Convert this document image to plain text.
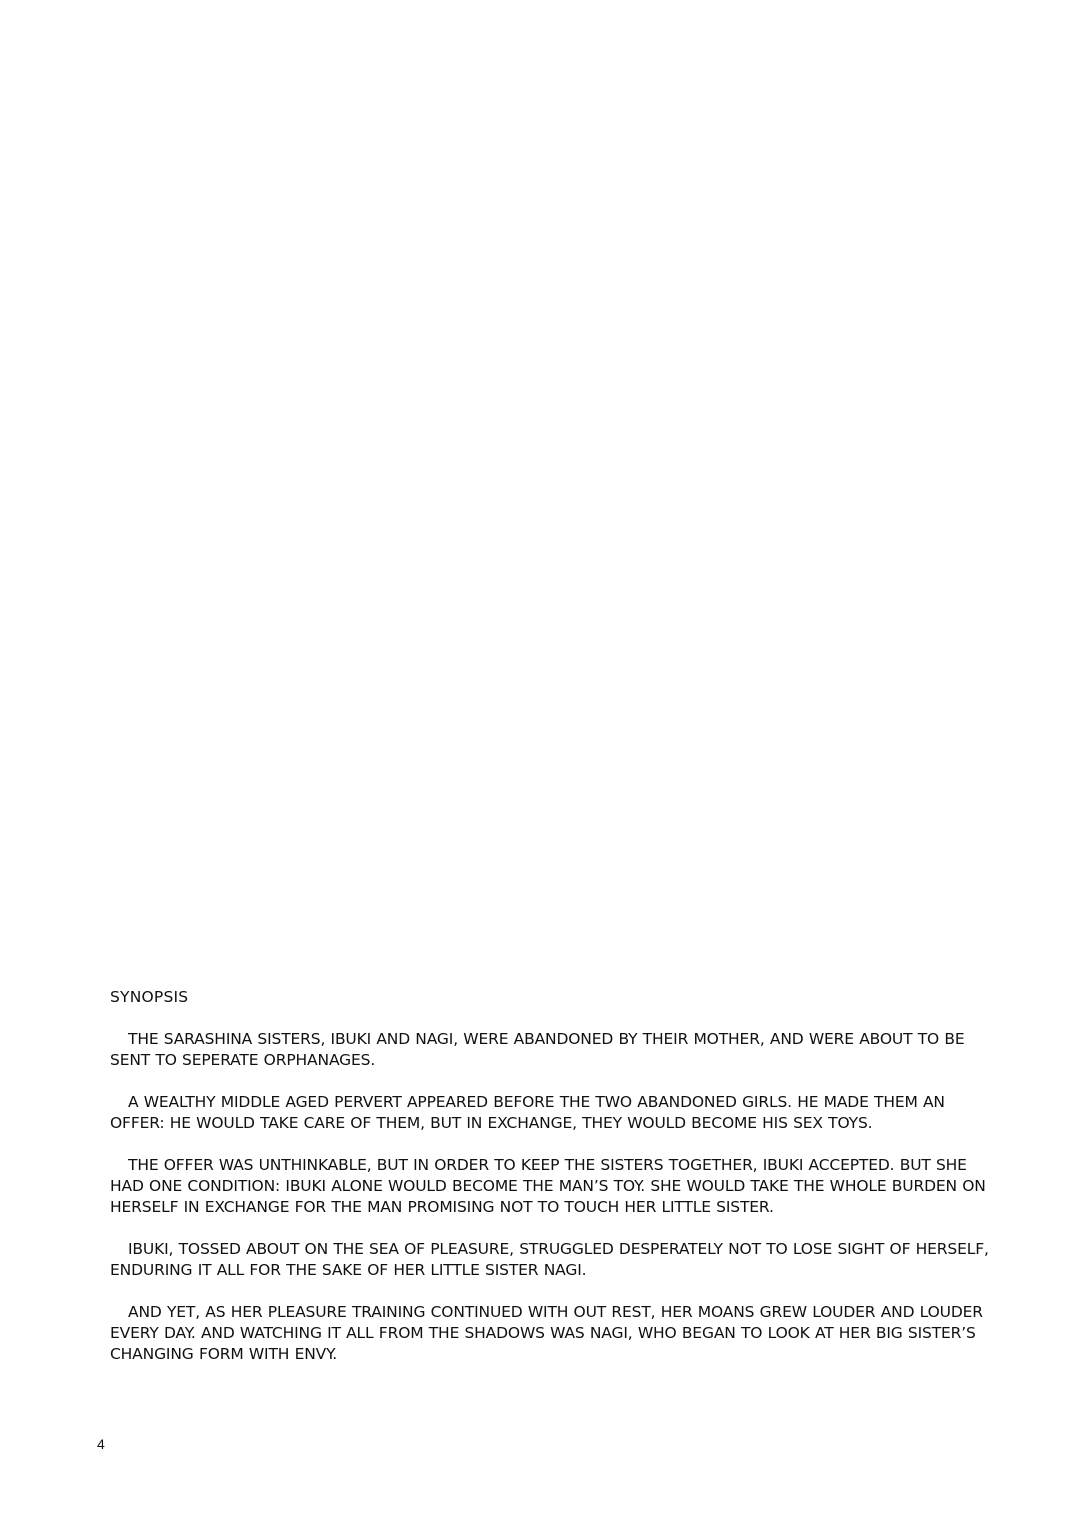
SYNOPSIS

THE SARASHINA SISTERS, IBUKI AND NAGI, WERE ABANDONED BY THEIR MOTHER, AND WERE ABOUT TO BE SENT TO SEPERATE ORPHANAGES.

A WEALTHY MIDDLE AGED PERVERT APPEARED BEFORE THE TWO ABANDONED GIRLS. HE MADE THEM AN OFFER: HE WOULD TAKE CARE OF THEM, BUT IN EXCHANGE, THEY WOULD BECOME HIS SEX TOYS.

THE OFFER WAS UNTHINKABLE, BUT IN ORDER TO KEEP THE SISTERS TOGETHER, IBUKI ACCEPTED. BUT SHE HAD ONE CONDITION: IBUKI ALONE WOULD BECOME THE MAN’S TOY. SHE WOULD TAKE THE WHOLE BURDEN ON HERSELF IN EXCHANGE FOR THE MAN PROMISING NOT TO TOUCH HER LITTLE SISTER.

IBUKI, TOSSED ABOUT ON THE SEA OF PLEASURE, STRUGGLED DESPERATELY NOT TO LOSE SIGHT OF HERSELF, ENDURING IT ALL FOR THE SAKE OF HER LITTLE SISTER NAGI.

AND YET, AS HER PLEASURE TRAINING CONTINUED WITH OUT REST, HER MOANS GREW LOUDER AND LOUDER EVERY DAY. AND WATCHING IT ALL FROM THE SHADOWS WAS NAGI, WHO BEGAN TO LOOK AT HER BIG SISTER’S CHANGING FORM WITH ENVY.

4
